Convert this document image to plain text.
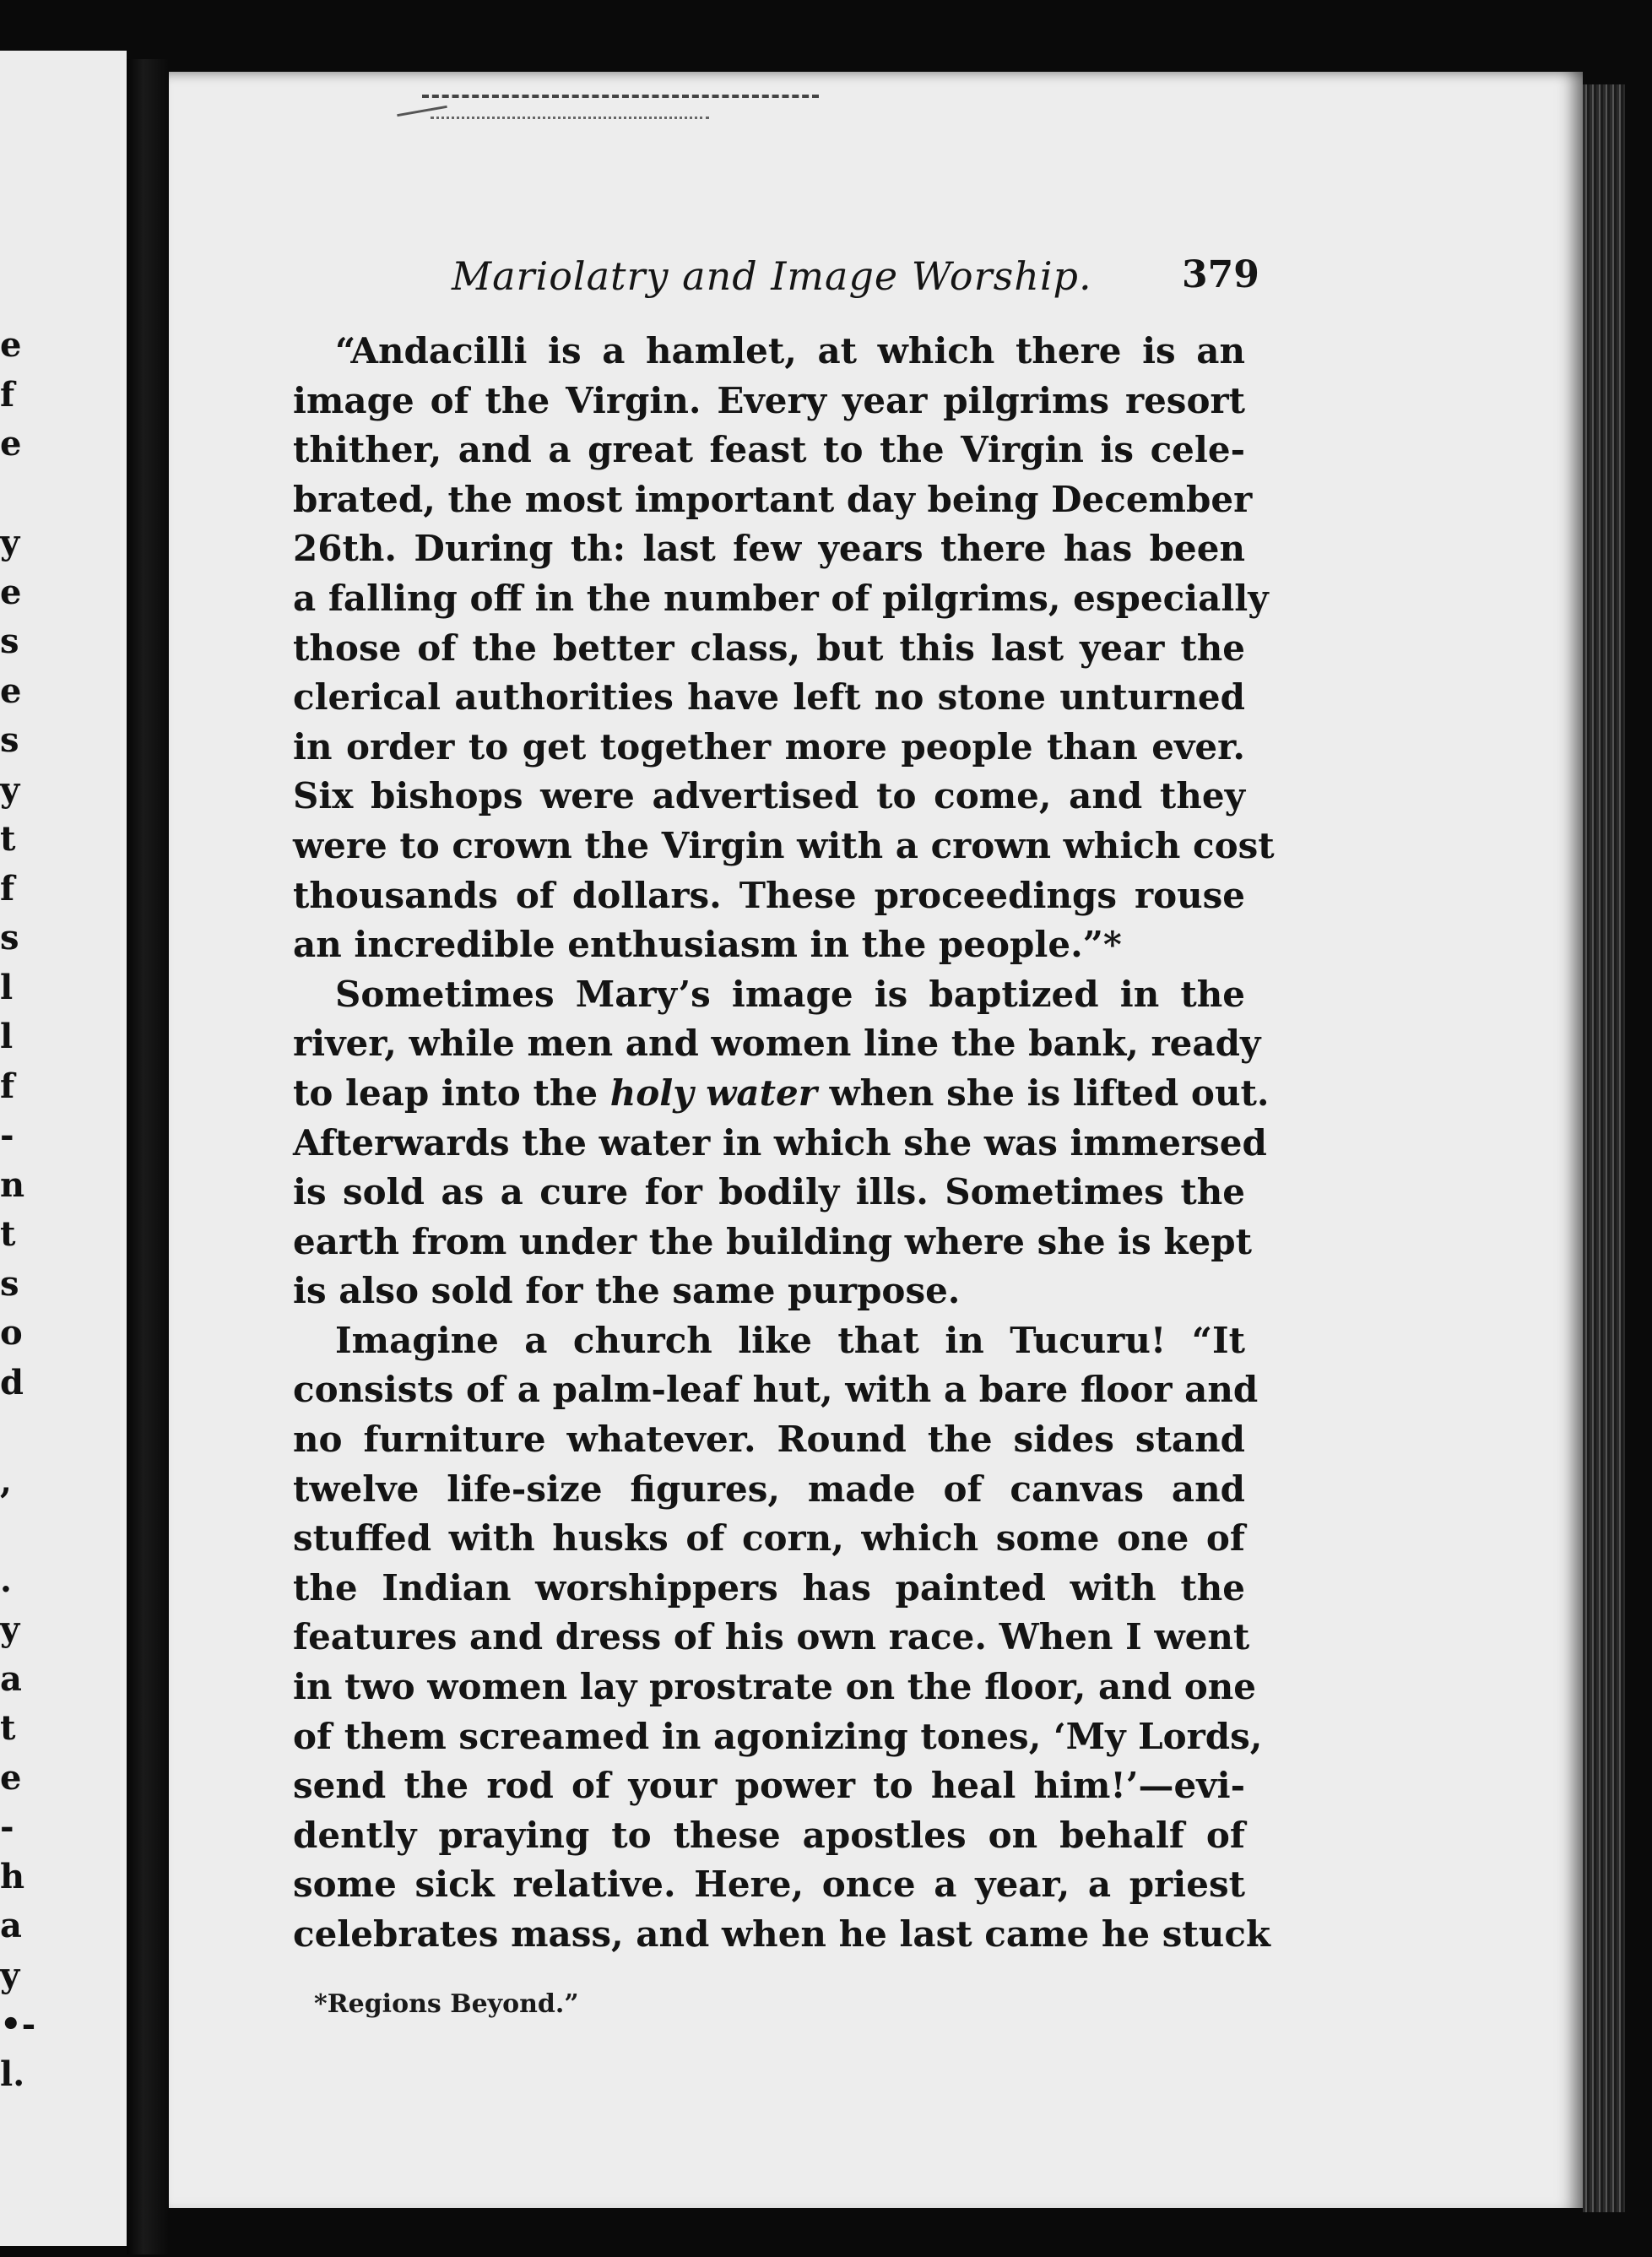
e
f
e
y
e
s
e
s
y
t
f
s
l
l
f
-
n
t
s
o
d
,
.
y
a
t
e
-
h
a
y
•-
l.
Mariolatry and Image Worship.	379
“Andacilli is a hamlet, at which there is an
image of the Virgin. Every year pilgrims resort
thither, and a great feast to the Virgin is cele-
brated, the most important day being December
26th. During th: last few years there has been
a falling off in the number of pilgrims, especially
those of the better class, but this last year the
clerical authorities have left no stone unturned
in order to get together more people than ever.
Six bishops were advertised to come, and they
were to crown the Virgin with a crown which cost
thousands of dollars. These proceedings rouse
an incredible enthusiasm in the people.”*
Sometimes Mary’s image is baptized in the
river, while men and women line the bank, ready
to leap into the holy water when she is lifted out.
Afterwards the water in which she was immersed
is sold as a cure for bodily ills. Sometimes the
earth from under the building where she is kept
is also sold for the same purpose.
Imagine a church like that in Tucuru! “It
consists of a palm-leaf hut, with a bare floor and
no furniture whatever. Round the sides stand
twelve life-size figures, made of canvas and
stuffed with husks of corn, which some one of
the Indian worshippers has painted with the
features and dress of his own race. When I went
in two women lay prostrate on the floor, and one
of them screamed in agonizing tones, ‘My Lords,
send the rod of your power to heal him!’—evi-
dently praying to these apostles on behalf of
some sick relative. Here, once a year, a priest
celebrates mass, and when he last came he stuck
*Regions Beyond.”
